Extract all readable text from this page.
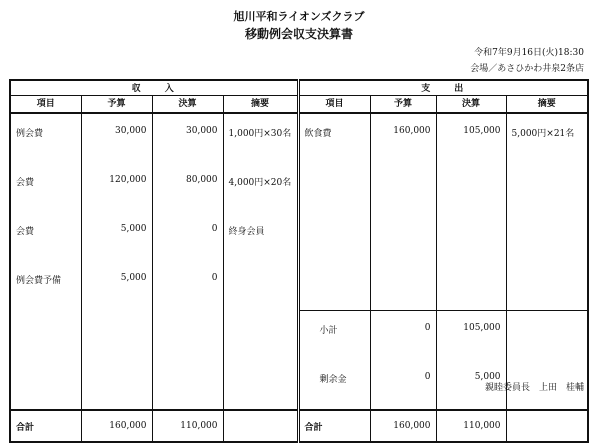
旭川平和ライオンズクラブ
移動例会収支決算書
令和7年9月16日(火)18:30
会場／あさひかわ井泉2条店
収　　入				支　　出			
項目	予算	決算	摘要	項目	予算	決算	摘要
例会費	30,000	30,000	1,000円×30名	飲食費	160,000	105,000	5,000円×21名
会費	120,000	80,000	4,000円×20名				
会費	5,000	0	終身会員				
例会費予備	5,000	0					
				小計	0	105,000	
				剰余金	0	5,000	
合計	160,000	110,000		合計	160,000	110,000	
親睦委員長　上田　桂輔
